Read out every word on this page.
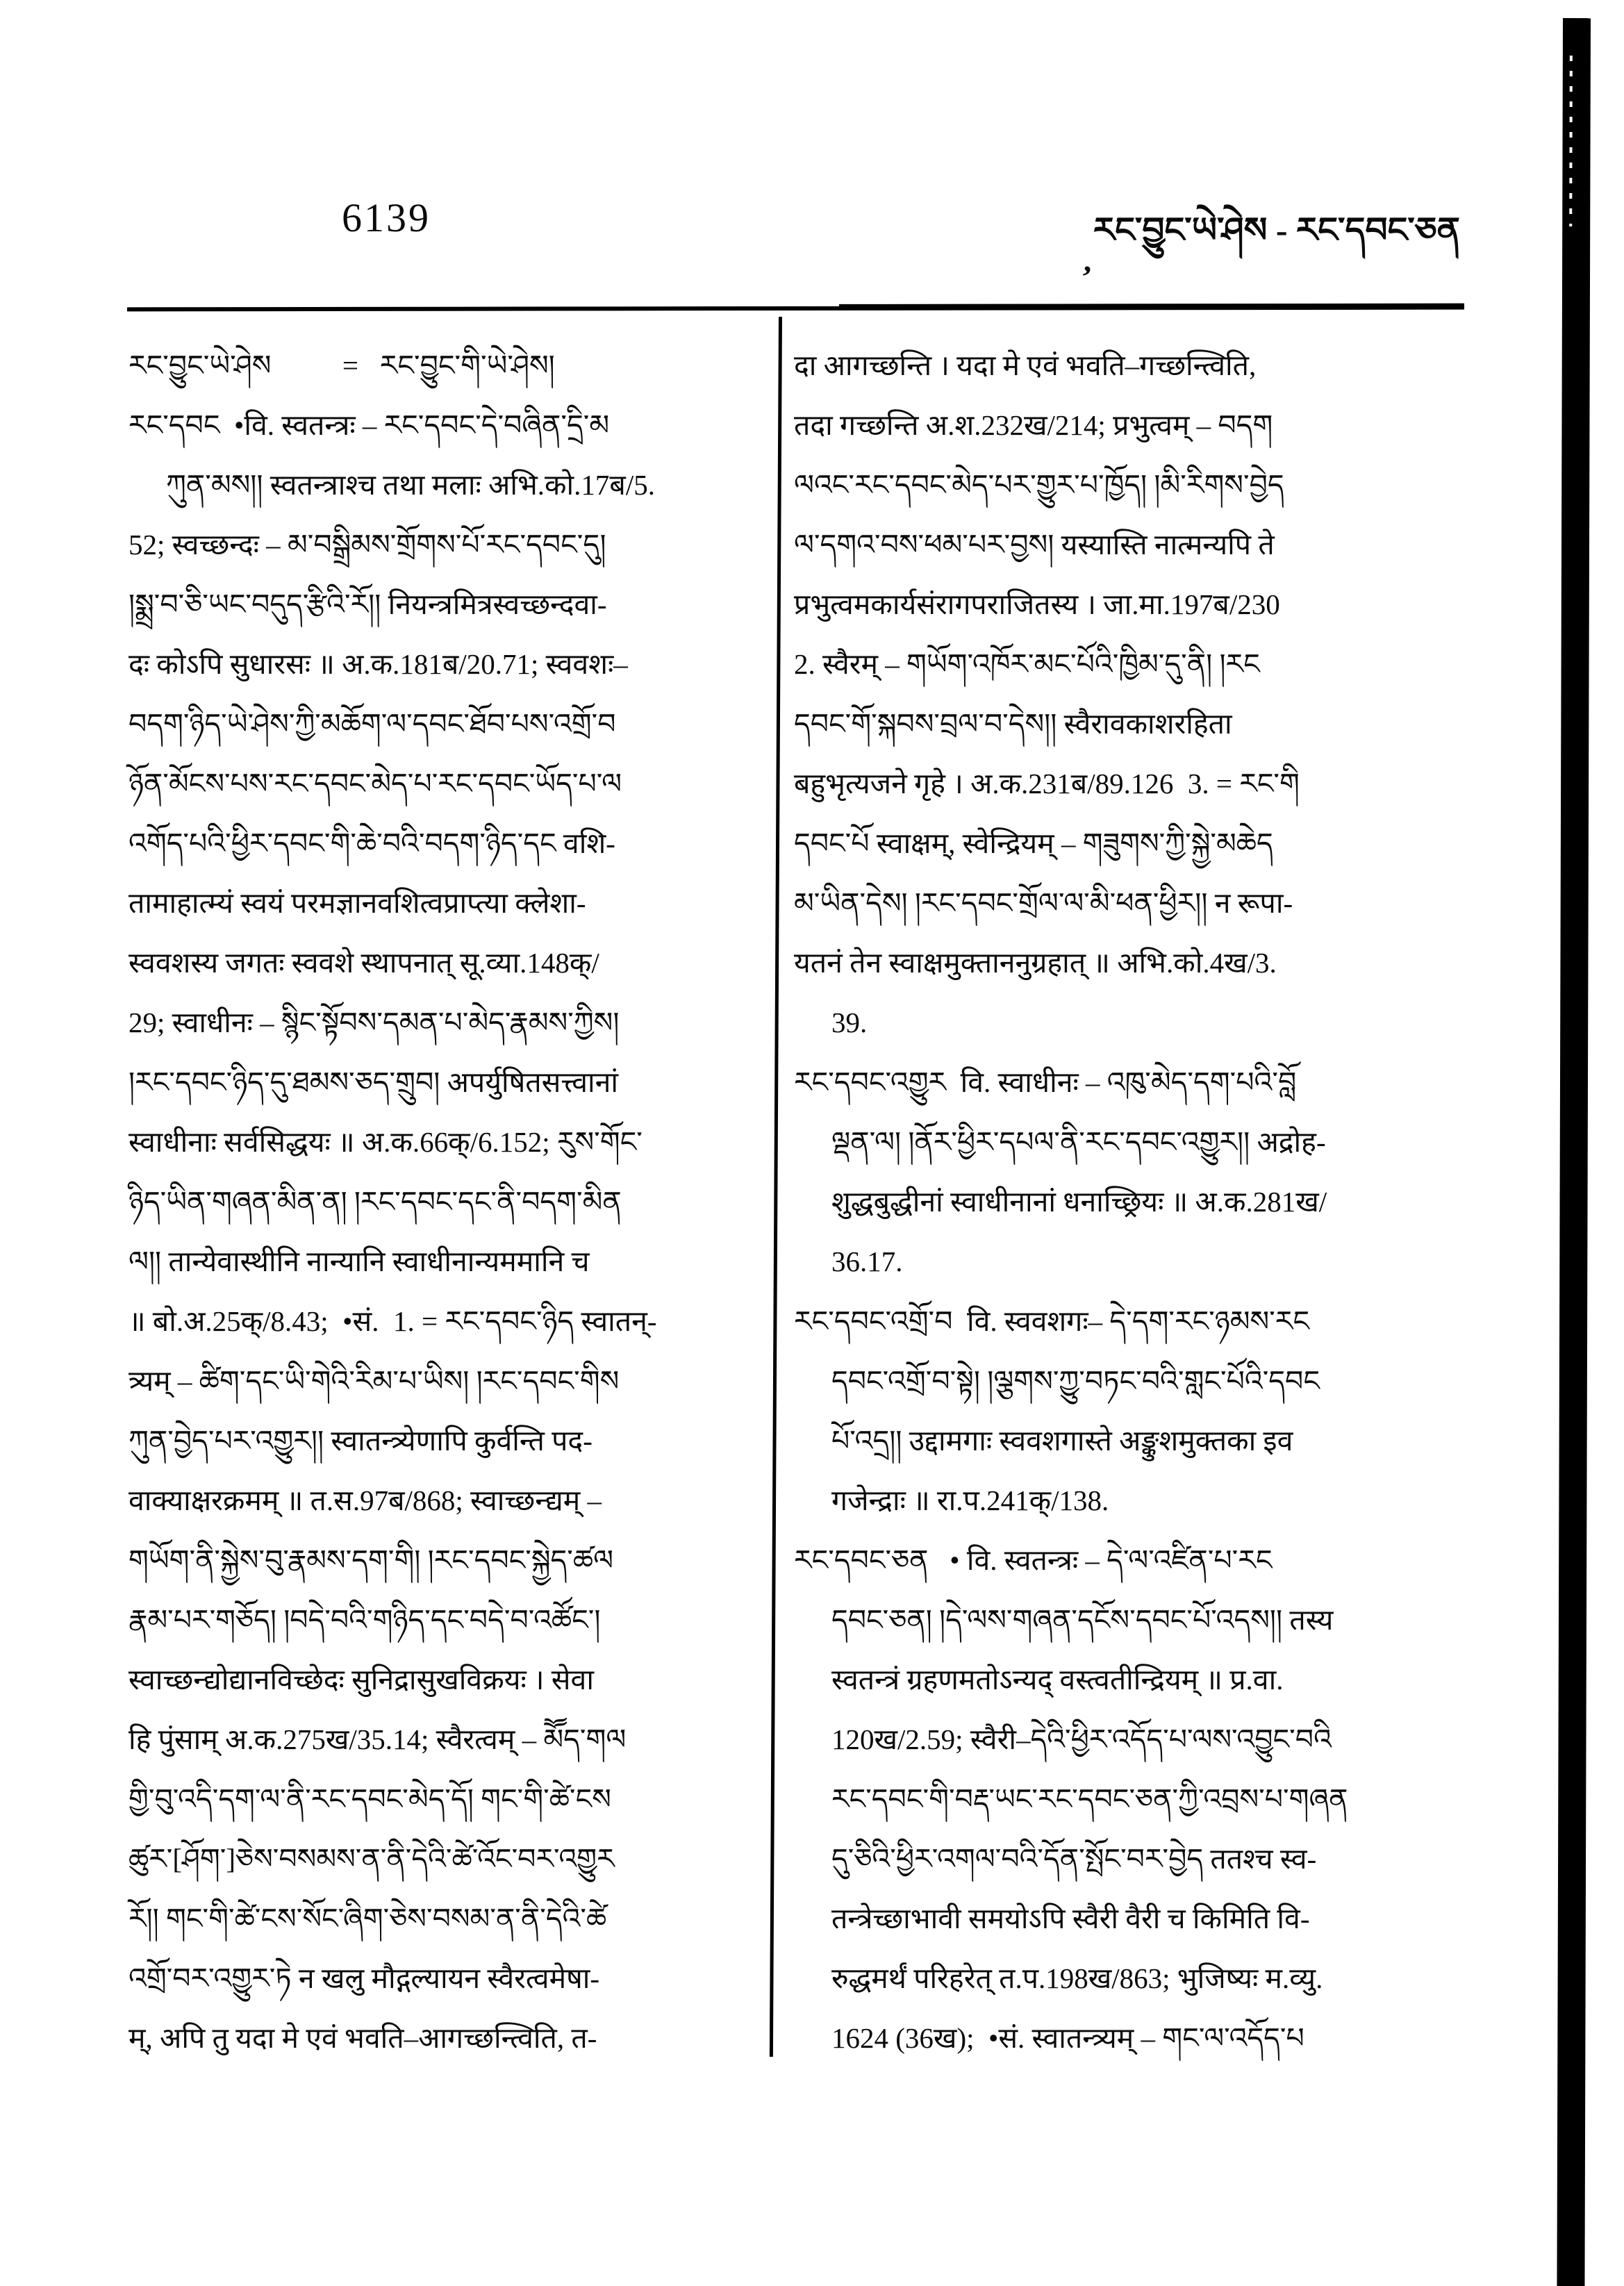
6139	རང་བྱུང་ཡེ་ཤེས - རང་དབང་ཅན
’
རང་བྱུང་ཡེ་ཤེས          =   རང་བྱུང་གི་ཡེ་ཤེས།
རང་དབང  •वि. स्वतन्त्रः – རང་དབང་དེ་བཞིན་དྲི་མ
ཀུན་མས།། स्वतन्त्राश्च तथा मलाः अभि.को.17ब/5.
52; स्वच्छन्दः – མ་བསྒྲིམས་གྲོགས་པོ་རང་དབང་དུ།
།སྨྲ་བ་ཅི་ཡང་བདུད་རྩིའི་རོ།། नियन्त्रमित्रस्वच्छन्दवा-
दः कोऽपि सुधारसः ॥ अ.क.181ब/20.71; स्ववशः–
བདག་ཉིད་ཡེ་ཤེས་ཀྱི་མཆོག་ལ་དབང་ཐོབ་པས་འགྲོ་བ
ཉོན་མོངས་པས་རང་དབང་མེད་པ་རང་དབང་ཡོད་པ་ལ
འགོད་པའི་ཕྱིར་དབང་གི་ཆེ་བའི་བདག་ཉིད་དང वशि-
तामाहात्म्यं स्वयं परमज्ञानवशित्वप्राप्त्या क्लेशा-
स्ववशस्य जगतः स्ववशे स्थापनात् सू.व्या.148क्/
29; स्वाधीनः – སྙིང་སྟོབས་དམན་པ་མེད་རྣམས་ཀྱིས།
།རང་དབང་ཉིད་དུ་ཐམས་ཅད་གྲུབ། अपर्युषितसत्त्वानां
स्वाधीनाः सर्वसिद्धयः ॥ अ.क.66क्/6.152; རུས་གོང་
ཉིད་ཡིན་གཞན་མིན་ན། །རང་དབང་དང་ནི་བདག་མིན
ལ།། तान्येवास्थीनि नान्यानि स्वाधीनान्यममानि च
॥ बो.अ.25क्/8.43;  •सं.  1. = རང་དབང་ཉིད स्वातन्-
त्र्यम् – ཚིག་དང་ཡི་གེའི་རིམ་པ་ཡིས། །རང་དབང་གིས
ཀུན་བྱེད་པར་འགྱུར།། स्वातन्त्र्येणापि कुर्वन्ति पद-
वाक्याक्षरक्रमम् ॥ त.स.97ब/868; स्वाच्छन्द्यम् –
གཡོག་ནི་སྐྱེས་བུ་རྣམས་དག་གི། །རང་དབང་སྐྱེད་ཚལ
རྣམ་པར་གཅོད། །བདེ་བའི་གཉིད་དང་བདེ་བ་འཚོང་།
स्वाच्छन्द्योद्यानविच्छेदः सुनिद्रासुखविक्रयः । सेवा
हि पुंसाम् अ.क.275ख/35.14; स्वैरत्वम् – མཽད་གལ
གྱི་བུ་འདི་དག་ལ་ནི་རང་དབང་མེད་དོ། གང་གི་ཚེ་ངས
ཚུར་[ཤོག་]ཅེས་བསམས་ན་ནི་དེའི་ཚེ་འོང་བར་འགྱུར
རོ།། གང་གི་ཚེ་ངས་སོང་ཞིག་ཅེས་བསམ་ན་ནི་དེའི་ཚེ
འགྲོ་བར་འགྱུར་ཏེ न खलु मौद्गल्यायन स्वैरत्वमेषा-
म्, अपि तु यदा मे एवं भवति–आगच्छन्त्विति, त-
दा आगच्छन्ति । यदा मे एवं भवति–गच्छन्त्विति,
तदा गच्छन्ति अ.श.232ख/214; प्रभुत्वम् – བདག
ལའང་རང་དབང་མེད་པར་གྱུར་པ་ཁྱོད། །མི་རིགས་བྱེད
ལ་དགའ་བས་ཕམ་པར་བྱས། यस्यास्ति नात्मन्यपि ते
प्रभुत्वमकार्यसंरागपराजितस्य । जा.मा.197ब/230
2. स्वैरम् – གཡོག་འཁོར་མང་པོའི་ཁྱིམ་དུ་ནི། །རང
དབང་གོ་སྐབས་བྲལ་བ་དེས།། स्वैरावकाशरहिता
बहुभृत्यजने गृहे । अ.क.231ब/89.126  3. = རང་གི
དབང་པོ स्वाक्षम्, स्वेन्द्रियम् – གཟུགས་ཀྱི་སྐྱེ་མཆེད
མ་ཡིན་དེས། །རང་དབང་གྲོལ་ལ་མི་ཕན་ཕྱིར།། न रूपा-
यतनं तेन स्वाक्षमुक्ताननुग्रहात् ॥ अभि.को.4ख/3.
39.
རང་དབང་འགྱུར  वि. स्वाधीनः – འཁུ་མེད་དག་པའི་བློ
ལྡན་ལ། །ནོར་ཕྱིར་དཔལ་ནི་རང་དབང་འགྱུར།། अद्रोह-
शुद्धबुद्धीनां स्वाधीनानां धनाच्छ्रियः ॥ अ.क.281ख/
36.17.
རང་དབང་འགྲོ་བ  वि. स्ववशगः– དེ་དག་རང་ཉམས་རང
དབང་འགྲོ་བ་སྟེ། །ལྕགས་ཀྱུ་བཏང་བའི་གླང་པོའི་དབང
པོ་འདྲ།། उद्दामगाः स्ववशगास्ते अङ्कुशमुक्तका इव
गजेन्द्राः ॥ रा.प.241क्/138.
རང་དབང་ཅན   • वि. स्वतन्त्रः – དེ་ལ་འཛིན་པ་རང
དབང་ཅན། །དེ་ལས་གཞན་དངོས་དབང་པོ་འདས།། तस्य
स्वतन्त्रं ग्रहणमतोऽन्यद् वस्त्वतीन्द्रियम् ॥ प्र.वा.
120ख/2.59; स्वैरी–དེའི་ཕྱིར་འདོད་པ་ལས་འབྱུང་བའི
རང་དབང་གི་བརྡ་ཡང་རང་དབང་ཅན་ཀྱི་འབྲས་པ་གཞན
དུ་ཅིའི་ཕྱིར་འགལ་བའི་དོན་སྤོང་བར་བྱེད ततश्च स्व-
तन्त्रेच्छाभावी समयोऽपि स्वैरी वैरी च किमिति वि-
रुद्धमर्थं परिहरेत् त.प.198ख/863; भुजिष्यः म.व्यु.
1624 (36ख);  •सं. स्वातन्त्र्यम् – གང་ལ་འདོད་པ
